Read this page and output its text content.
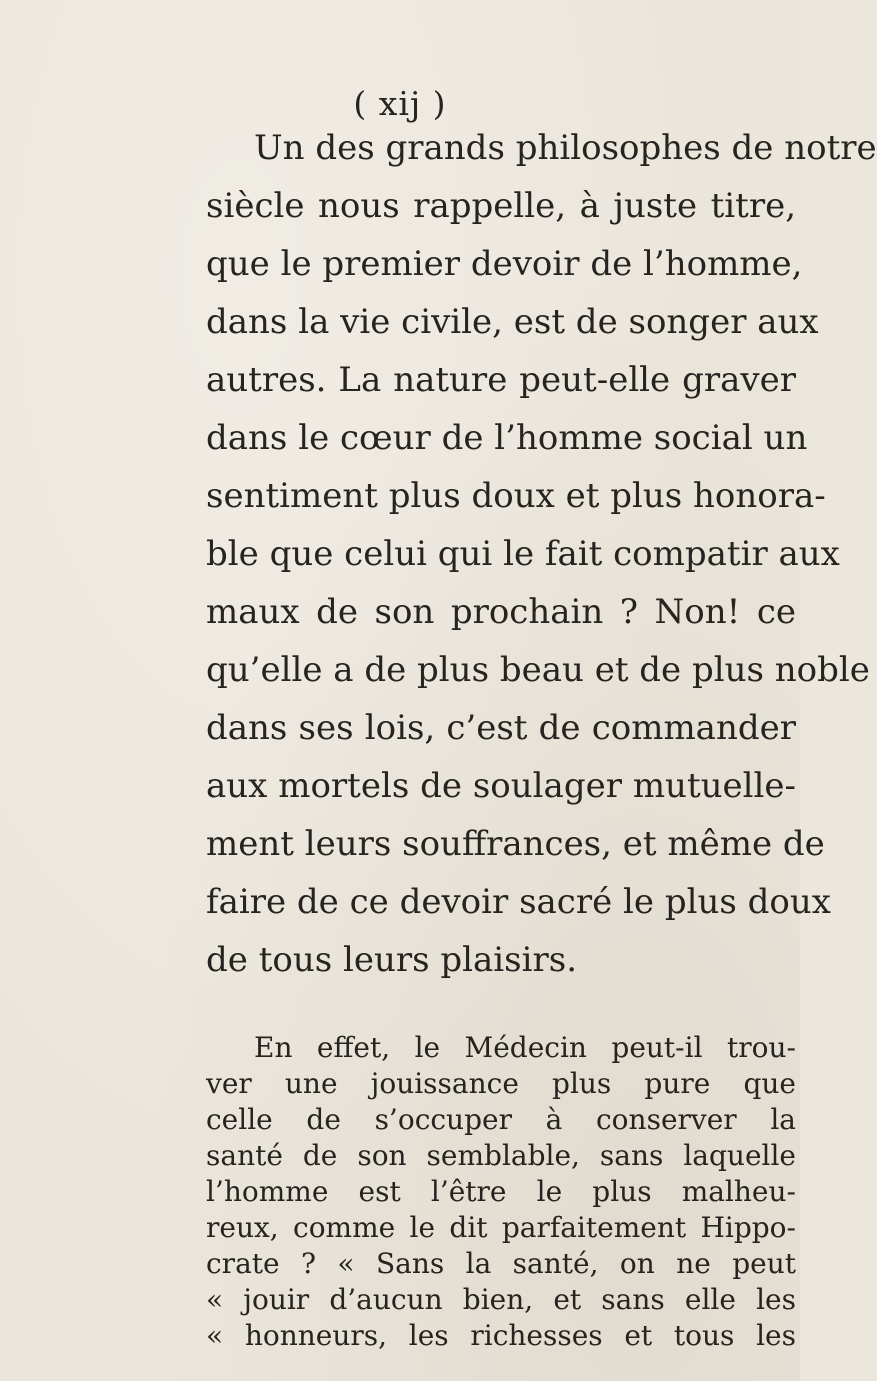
( xij )
Un des grands philosophes de notre
siècle nous rappelle, à juste titre,
que le premier devoir de l’homme,
dans la vie civile, est de songer aux
autres. La nature peut-elle graver
dans le cœur de l’homme social un
sentiment plus doux et plus honora-
ble que celui qui le fait compatir aux
maux de son prochain ? Non! ce
qu’elle a de plus beau et de plus noble
dans ses lois, c’est de commander
aux mortels de soulager mutuelle-
ment leurs souffrances, et même de
faire de ce devoir sacré le plus doux
de tous leurs plaisirs.
En effet, le Médecin peut-il trou-
ver une jouissance plus pure que
celle de s’occuper à conserver la
santé de son semblable, sans laquelle
l’homme est l’être le plus malheu-
reux, comme le dit parfaitement Hippo-
crate ? « Sans la santé, on ne peut
« jouir d’aucun bien, et sans elle les
« honneurs, les richesses et tous les
